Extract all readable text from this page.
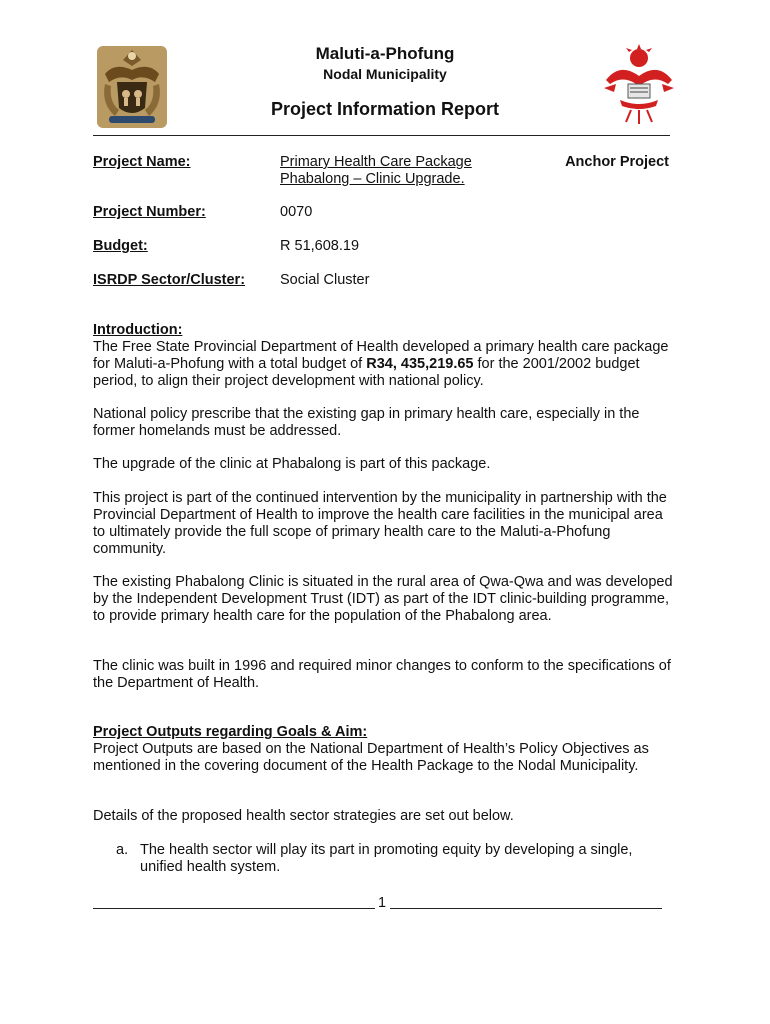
Maluti-a-Phofung
Nodal Municipality
Project Information Report
Project Name:	Primary Health Care Package
Phabalong – Clinic Upgrade.
Anchor Project
Project Number:	0070
Budget:	R 51,608.19
ISRDP Sector/Cluster: Social Cluster
Introduction:
The Free State Provincial Department of Health developed a primary health care package for Maluti-a-Phofung with a total budget of R34, 435,219.65 for the 2001/2002 budget period, to align their project development with national policy.
National policy prescribe that the existing gap in primary health care, especially in the former homelands must be addressed.
The upgrade of the clinic at Phabalong is part of this package.
This project is part of the continued intervention by the municipality in partnership with the Provincial Department of Health to improve the health care facilities in the municipal area to ultimately provide the full scope of primary health care to the Maluti-a-Phofung community.
The existing Phabalong Clinic is situated in the rural area of Qwa-Qwa and was developed by the Independent Development Trust (IDT) as part of the IDT clinic-building programme, to provide primary health care for the population of the Phabalong area.
The clinic was built in 1996 and required minor changes to conform to the specifications of the Department of Health.
Project Outputs regarding Goals & Aim:
Project Outputs are based on the National Department of Health’s Policy Objectives as mentioned in the covering document of the Health Package to the Nodal Municipality.
Details of the proposed health sector strategies are set out below.
a. The health sector will play its part in promoting equity by developing a single, unified health system.
1
